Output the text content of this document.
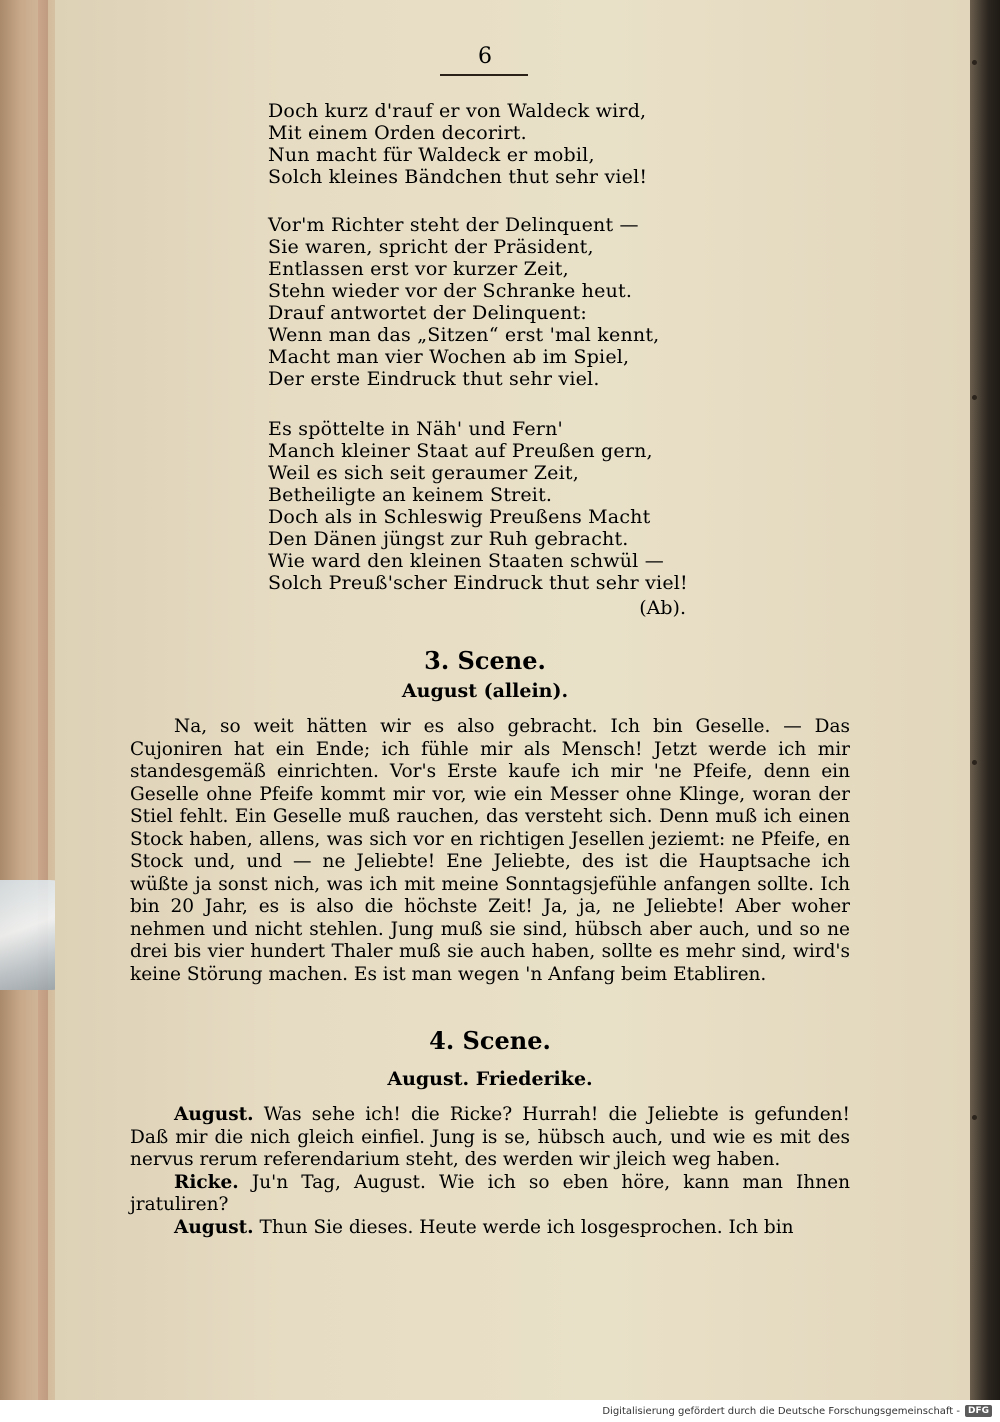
6
Doch kurz d'rauf er von Waldeck wird,
Mit einem Orden decorirt.
Nun macht für Waldeck er mobil,
Solch kleines Bändchen thut sehr viel!
Vor'm Richter steht der Delinquent —
Sie waren, spricht der Präsident,
Entlassen erst vor kurzer Zeit,
Stehn wieder vor der Schranke heut.
Drauf antwortet der Delinquent:
Wenn man das „Sitzen“ erst 'mal kennt,
Macht man vier Wochen ab im Spiel,
Der erste Eindruck thut sehr viel.
Es spöttelte in Näh' und Fern'
Manch kleiner Staat auf Preußen gern,
Weil es sich seit geraumer Zeit,
Betheiligte an keinem Streit.
Doch als in Schleswig Preußens Macht
Den Dänen jüngst zur Ruh gebracht.
Wie ward den kleinen Staaten schwül —
Solch Preuß'scher Eindruck thut sehr viel!
(Ab).
3. Scene.
August (allein).

Na, so weit hätten wir es also gebracht. Ich bin Geselle. — Das Cujoniren hat ein Ende; ich fühle mir als Mensch! Jetzt werde ich mir standesgemäß einrichten. Vor's Erste kaufe ich mir 'ne Pfeife, denn ein Geselle ohne Pfeife kommt mir vor, wie ein Messer ohne Klinge, woran der Stiel fehlt. Ein Geselle muß rauchen, das versteht sich. Denn muß ich einen Stock haben, allens, was sich vor en richtigen Jesellen jeziemt: ne Pfeife, en Stock und, und — ne Jeliebte! Ene Jeliebte, des ist die Hauptsache ich wüßte ja sonst nich, was ich mit meine Sonntagsjefühle anfangen sollte. Ich bin 20 Jahr, es is also die höchste Zeit! Ja, ja, ne Jeliebte! Aber woher nehmen und nicht stehlen. Jung muß sie sind, hübsch aber auch, und so ne drei bis vier hundert Thaler muß sie auch haben, sollte es mehr sind, wird's keine Störung machen. Es ist man wegen 'n Anfang beim Etabliren.

4. Scene.
August. Friederike.

August. Was sehe ich! die Ricke? Hurrah! die Jeliebte is gefunden! Daß mir die nich gleich einfiel. Jung is se, hübsch auch, und wie es mit des nervus rerum referendarium steht, des werden wir jleich weg haben.

Ricke. Ju'n Tag, August. Wie ich so eben höre, kann man Ihnen jratuliren?

August. Thun Sie dieses. Heute werde ich losgesprochen. Ich bin

Digitalisierung gefördert durch die Deutsche Forschungsgemeinschaft - DFG
